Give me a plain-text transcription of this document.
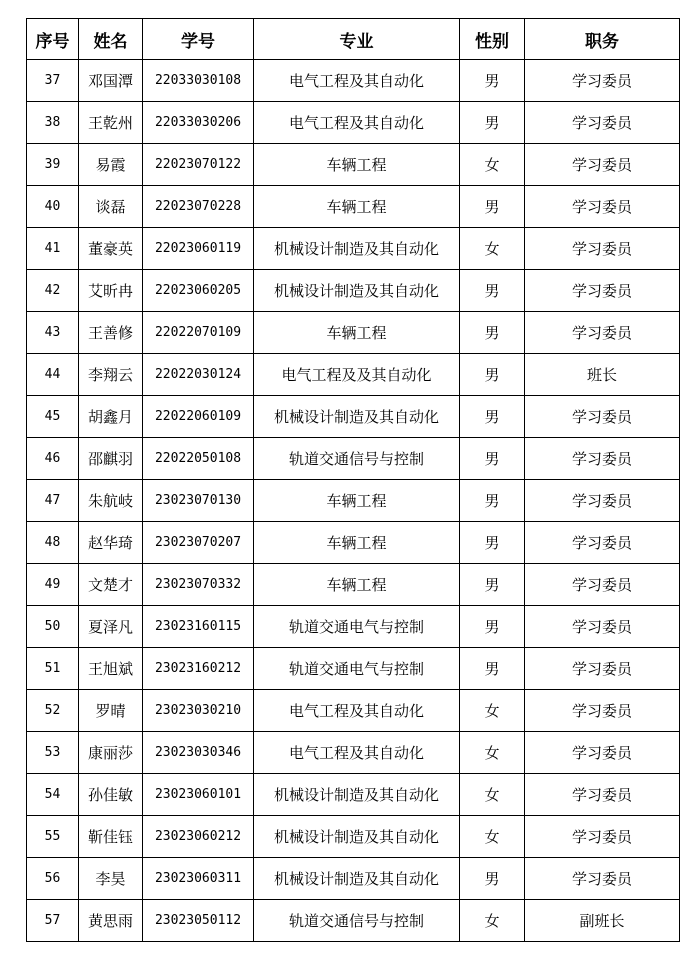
序号	姓名	学号	专业	性别	职务
37	邓国潭	22033030108	电气工程及其自动化	男	学习委员
38	王乾州	22033030206	电气工程及其自动化	男	学习委员
39	易霞	22023070122	车辆工程	女	学习委员
40	谈磊	22023070228	车辆工程	男	学习委员
41	董豪英	22023060119	机械设计制造及其自动化	女	学习委员
42	艾昕冉	22023060205	机械设计制造及其自动化	男	学习委员
43	王善修	22022070109	车辆工程	男	学习委员
44	李翔云	22022030124	电气工程及及其自动化	男	班长
45	胡鑫月	22022060109	机械设计制造及其自动化	男	学习委员
46	邵麒羽	22022050108	轨道交通信号与控制	男	学习委员
47	朱航岐	23023070130	车辆工程	男	学习委员
48	赵华琦	23023070207	车辆工程	男	学习委员
49	文楚才	23023070332	车辆工程	男	学习委员
50	夏泽凡	23023160115	轨道交通电气与控制	男	学习委员
51	王旭斌	23023160212	轨道交通电气与控制	男	学习委员
52	罗晴	23023030210	电气工程及其自动化	女	学习委员
53	康丽莎	23023030346	电气工程及其自动化	女	学习委员
54	孙佳敏	23023060101	机械设计制造及其自动化	女	学习委员
55	靳佳钰	23023060212	机械设计制造及其自动化	女	学习委员
56	李昊	23023060311	机械设计制造及其自动化	男	学习委员
57	黄思雨	23023050112	轨道交通信号与控制	女	副班长
